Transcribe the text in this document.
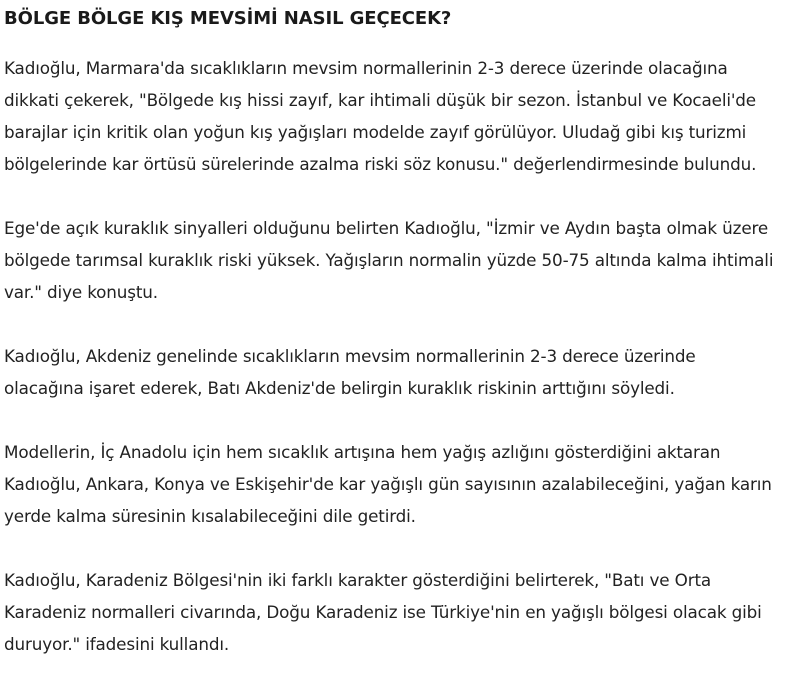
BÖLGE BÖLGE KIŞ MEVSİMİ NASIL GEÇECEK?

Kadıoğlu, Marmara'da sıcaklıkların mevsim normallerinin 2-3 derece üzerinde olacağına dikkati çekerek, "Bölgede kış hissi zayıf, kar ihtimali düşük bir sezon. İstanbul ve Kocaeli'de barajlar için kritik olan yoğun kış yağışları modelde zayıf görülüyor. Uludağ gibi kış turizmi bölgelerinde kar örtüsü sürelerinde azalma riski söz konusu." değerlendirmesinde bulundu.

Ege'de açık kuraklık sinyalleri olduğunu belirten Kadıoğlu, "İzmir ve Aydın başta olmak üzere bölgede tarımsal kuraklık riski yüksek. Yağışların normalin yüzde 50-75 altında kalma ihtimali var." diye konuştu.

Kadıoğlu, Akdeniz genelinde sıcaklıkların mevsim normallerinin 2-3 derece üzerinde olacağına işaret ederek, Batı Akdeniz'de belirgin kuraklık riskinin arttığını söyledi.

Modellerin, İç Anadolu için hem sıcaklık artışına hem yağış azlığını gösterdiğini aktaran Kadıoğlu, Ankara, Konya ve Eskişehir'de kar yağışlı gün sayısının azalabileceğini, yağan karın yerde kalma süresinin kısalabileceğini dile getirdi.

Kadıoğlu, Karadeniz Bölgesi'nin iki farklı karakter gösterdiğini belirterek, "Batı ve Orta Karadeniz normalleri civarında, Doğu Karadeniz ise Türkiye'nin en yağışlı bölgesi olacak gibi duruyor." ifadesini kullandı.
